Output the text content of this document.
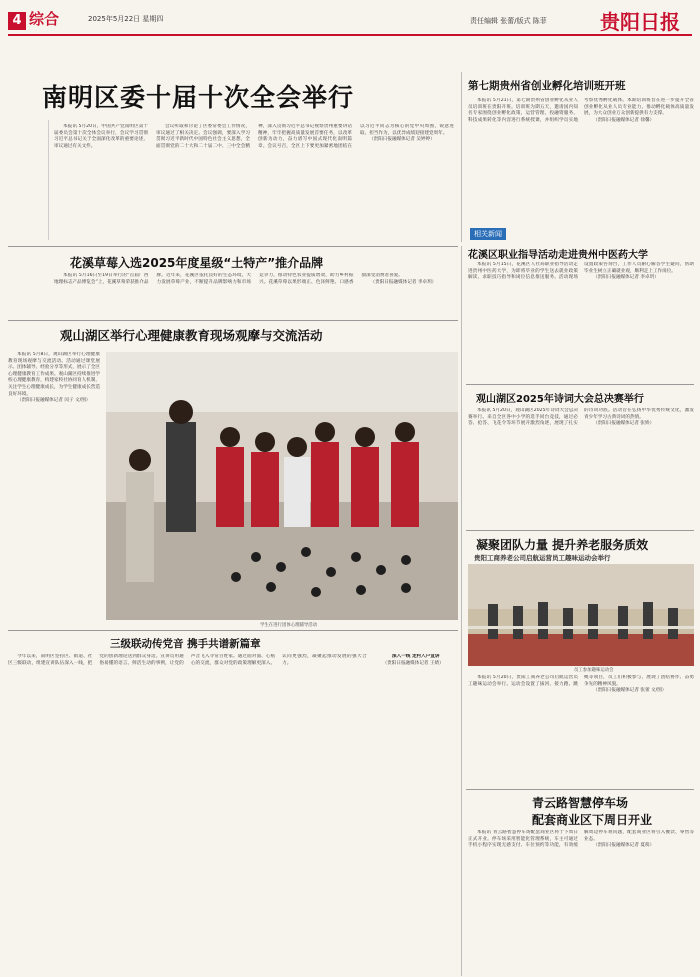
4 综合	2025年5月22日 星期四	责任编辑 张蕾/版式 陈菲	贵阳日报
南明区委十届十次全会举行

本报讯 5月20日，中国共产党南明区第十届委员会第十次全体会议举行，会议学习贯彻习近平总书记关于全面深化改革的重要论述，审议通过有关文件。

会议听取和讨论了区委常委会工作情况，审议通过了相关决定。会议强调，要深入学习贯彻习近平新时代中国特色社会主义思想，全面贯彻党的二十大和二十届二中、三中全会精神，深入贯彻习近平总书记视察贵州重要讲话精神，牢牢把握高质量发展首要任务，以改革创新为动力，奋力谱写中国式现代化南明篇章。会议号召，全区上下要更加紧密地团结在以习近平同志为核心的党中央周围，锐意进取、担当作为，以优异成绩迎接建党周年。

（贵阳日报融媒体记者 吴婷婷）

第七期贵州省创业孵化培训班开班

本报讯 5月21日，第七期贵州省创业孵化从业人员培训班在贵阳开班。培训班为期五天，邀请国内知名专家围绕创业孵化政策、运营管理、投融资服务、科技成果转化等内容进行系统授课，并组织学员实地考察优秀孵化载体。本期培训班旨在进一步提升全省创业孵化从业人员专业能力，推动孵化载体高质量发展，为大众创业万众创新提供有力支撑。

（贵阳日报融媒体记者 徐馨）

花溪草莓入选2025年度星级“土特产”推介品牌

本报讯 5月16日至19日举行的“首届广西地理标志产品博览会”上，花溪草莓荣获推介品牌。近年来，花溪区依托良好的生态环境，大力发展草莓产业，不断提升品牌影响力和市场竞争力，推动特色农业提质增效，助力乡村振兴。花溪草莓以果形端正、色泽鲜艳、口感香甜深受消费者喜爱。

（贵阳日报融媒体记者 李卓玥）

观山湖区举行心理健康教育现场观摩与交流活动

本报讯 5月8日，观山湖区举行心理健康教育现场观摩与交流活动。活动通过课堂展示、团体辅导、经验分享等形式，展示了全区心理健康教育工作成果。观山湖区持续推进学校心理健康教育，构建家校社协同育人机制，关注学生心理健康成长，为学生健康成长营造良好环境。

（贵阳日报融媒体记者 闵子 文/图）

学生在进行团体心理辅导活动
相关新闻
花溪区职业指导活动走进贵州中医药大学

本报讯 5月15日，花溪区人社局职业指导活动走进贵州中医药大学，为即将毕业的学生送去就业政策解读、求职技巧指导和岗位信息推送服务。活动现场设置政策咨询台，工作人员耐心解答学生疑问，帮助毕业生树立正确就业观，顺利走上工作岗位。

（贵阳日报融媒体记者 李卓玥）

观山湖区2025年诗词大会总决赛举行

本报讯 5月20日，观山湖区2025年诗词大会总决赛举行。来自全区各中小学的选手同台竞技，通过必答、抢答、飞花令等环节展开激烈角逐，展现了扎实的诗词功底。活动旨在弘扬中华优秀传统文化，激发青少年学习古典诗词的热情。

（贵阳日报融媒体记者 张娇）

凝聚团队力量 提升养老服务质效
贵阳工商养老公司启航运营员工趣味运动会举行
员工参加趣味运动会

本报讯 5月20日，贵阳工商养老公司启航运营员工趣味运动会举行。运动会设置了拔河、接力跑、跳绳等项目，员工们积极参与，展现了团结协作、奋勇争先的精神风貌。

（贵阳日报融媒体记者 张蕾 文/图）

青云路智慧停车场
配套商业区下周日开业

本报讯 青云路智慧停车场配套商业区将于下周日正式开业。停车场采用智能化管理系统，车主可通过手机小程序实现无感支付、车位预约等功能，有效缓解周边停车难问题，配套商业区将引入餐饮、零售等业态。

（贵阳日报融媒体记者 夏萌）

三级联动传党音 携手共谱新篇章

今年以来，南明区坚持区、街道、社区三级联动，组建宣讲队伍深入一线，把党的创新理论送到群众身边。宣讲员用通俗易懂的语言、鲜活生动的事例，让党的声音飞入寻常百姓家。通过面对面、心贴心的交流，群众对党的政策理解更深入、认同更强烈，凝聚起推动发展的强大合力。

深入一线 走村入户宣讲

（贵阳日报融媒体记者 王婧）
